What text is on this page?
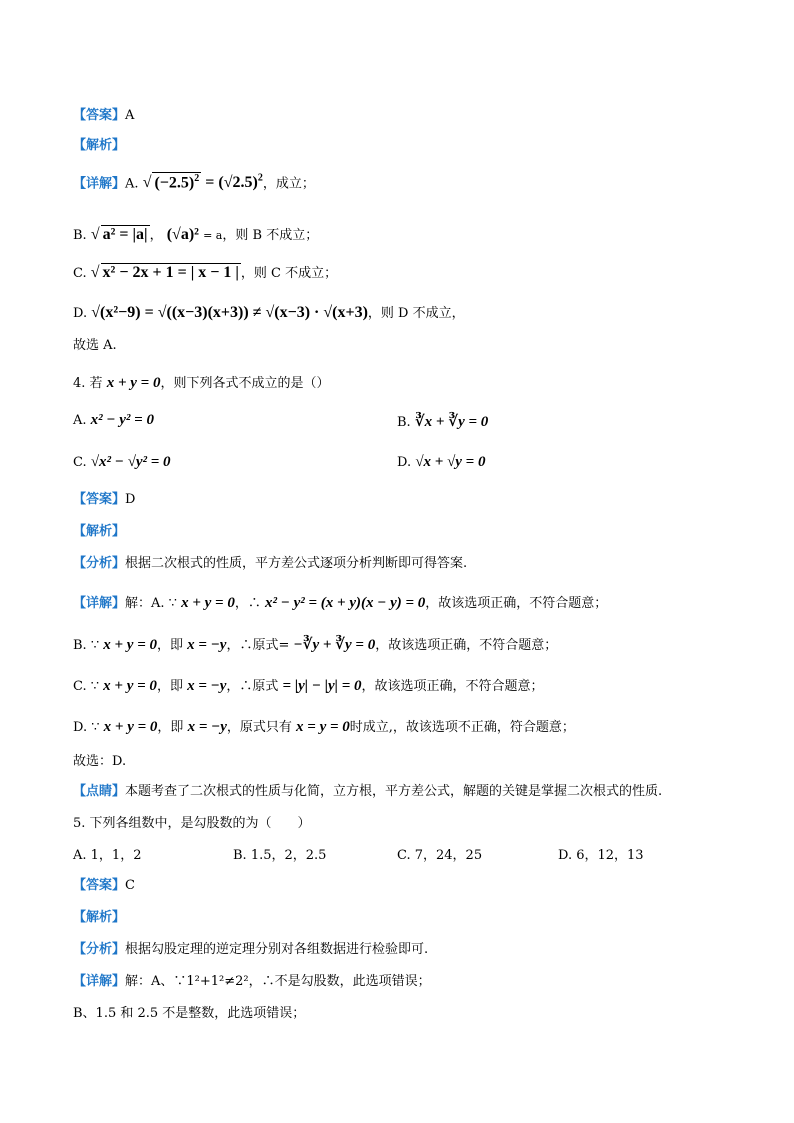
【答案】A
【解析】
【详解】A. √ $(-2.5)^2 = (√2.5)^2$，成立；
B. √ a² = |a| ， (√a)² = a，则 B 不成立；
C. √ x² − 2x + 1 = | x − 1 | ，则 C 不成立；
D. √(x²−9) = √((x−3)(x+3)) ≠ √(x−3) · √(x+3)，则 D 不成立，
故选 A.
4. 若 x + y = 0，则下列各式不成立的是（）
A. x² − y² = 0	B. ∛x + ∛y = 0
C. √x² − √y² = 0	D. √x + √y = 0
【答案】D
【解析】
【分析】根据二次根式的性质，平方差公式逐项分析判断即可得答案.
【详解】解：A. ∵ x + y = 0，∴ x² − y² = (x + y)(x − y) = 0，故该选项正确，不符合题意；
B. ∵ x + y = 0，即 x = −y，∴原式= −∛y + ∛y = 0，故该选项正确，不符合题意；
C. ∵ x + y = 0，即 x = −y，∴原式 = |y| − |y| = 0，故该选项正确，不符合题意；
D. ∵ x + y = 0，即 x = −y，原式只有 x = y = 0时成立,，故该选项不正确，符合题意；
故选：D.
【点睛】本题考查了二次根式的性质与化简，立方根，平方差公式，解题的关键是掌握二次根式的性质.
5. 下列各组数中，是勾股数的为（　　）
A. 1，1，2	B. 1.5，2，2.5	C. 7，24，25	D. 6，12，13
【答案】C
【解析】
【分析】根据勾股定理的逆定理分别对各组数据进行检验即可.
【详解】解：A、∵1²+1²≠2²，∴不是勾股数，此选项错误；
B、1.5 和 2.5 不是整数，此选项错误；
